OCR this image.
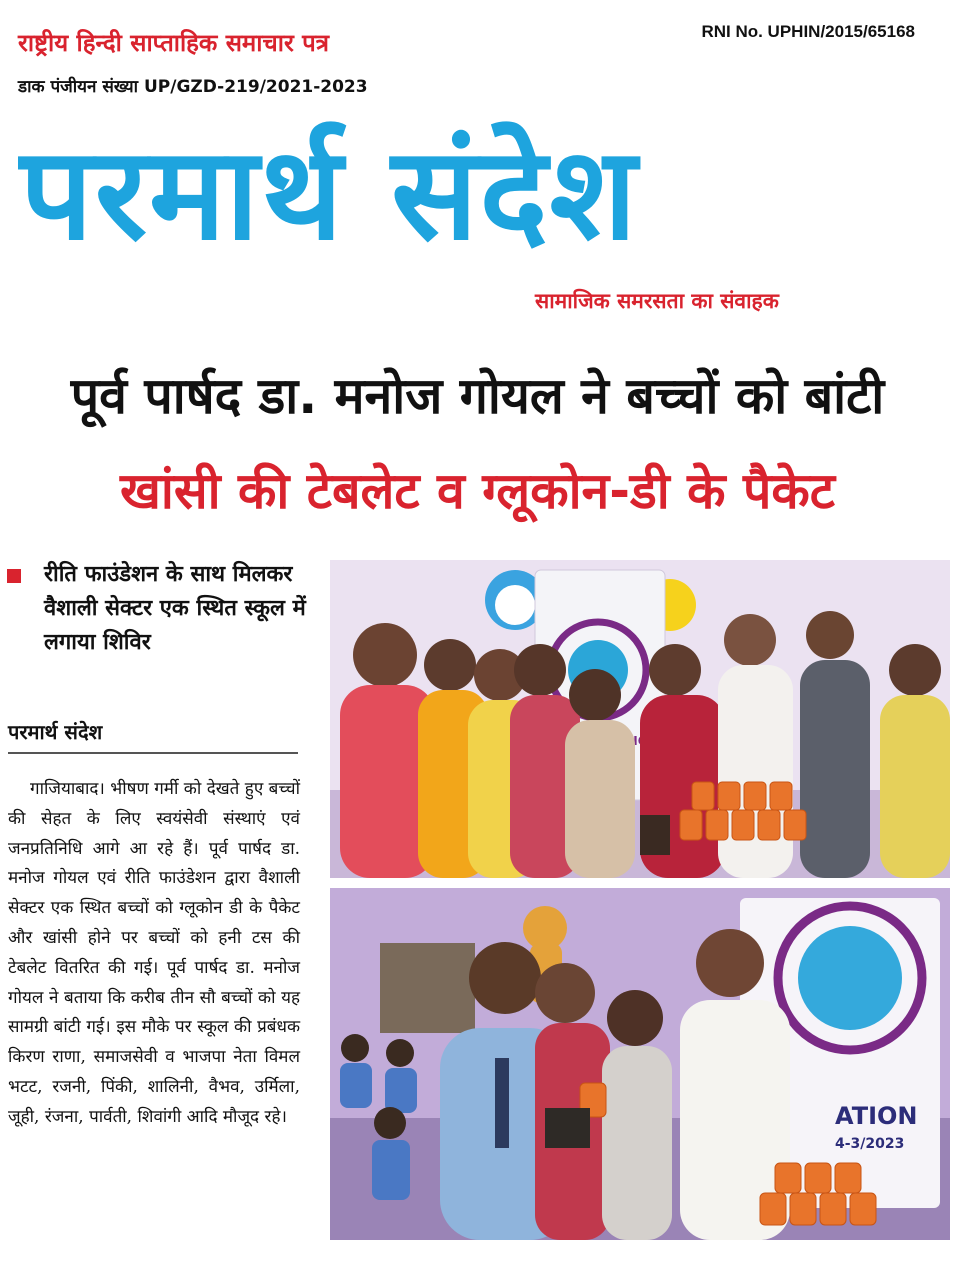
राष्ट्रीय हिन्दी साप्ताहिक समाचार पत्र	RNI No. UPHIN/2015/65168
डाक पंजीयन संख्या UP/GZD-219/2021-2023
परमार्थ संदेश
सामाजिक समरसता का संवाहक
पूर्व पार्षद डा. मनोज गोयल ने बच्चों को बांटी
खांसी की टेबलेट व ग्लूकोन-डी के पैकेट
रीति फाउंडेशन के साथ मिलकर वैशाली सेक्टर एक स्थित स्कूल में लगाया शिविर
परमार्थ संदेश
गाजियाबाद। भीषण गर्मी को देखते हुए बच्चों की सेहत के लिए स्वयंसेवी संस्थाएं एवं जनप्रतिनिधि आगे आ रहे हैं। पूर्व पार्षद डा. मनोज गोयल एवं रीति फाउंडेशन द्वारा वैशाली सेक्टर एक स्थित बच्चों को ग्लूकोन डी के पैकेट और खांसी होने पर बच्चों को हनी टस की टेबलेट वितरित की गई। पूर्व पार्षद डा. मनोज गोयल ने बताया कि करीब तीन सौ बच्चों को यह सामग्री बांटी गई। इस मौके पर स्कूल की प्रबंधक किरण राणा, समाजसेवी व भाजपा नेता विमल भटट, रजनी, पिंकी, शालिनी, वैभव, उर्मिला, जूही, रंजना, पार्वती, शिवांगी आदि मौजूद रहे।	ATION
4-3/2023
